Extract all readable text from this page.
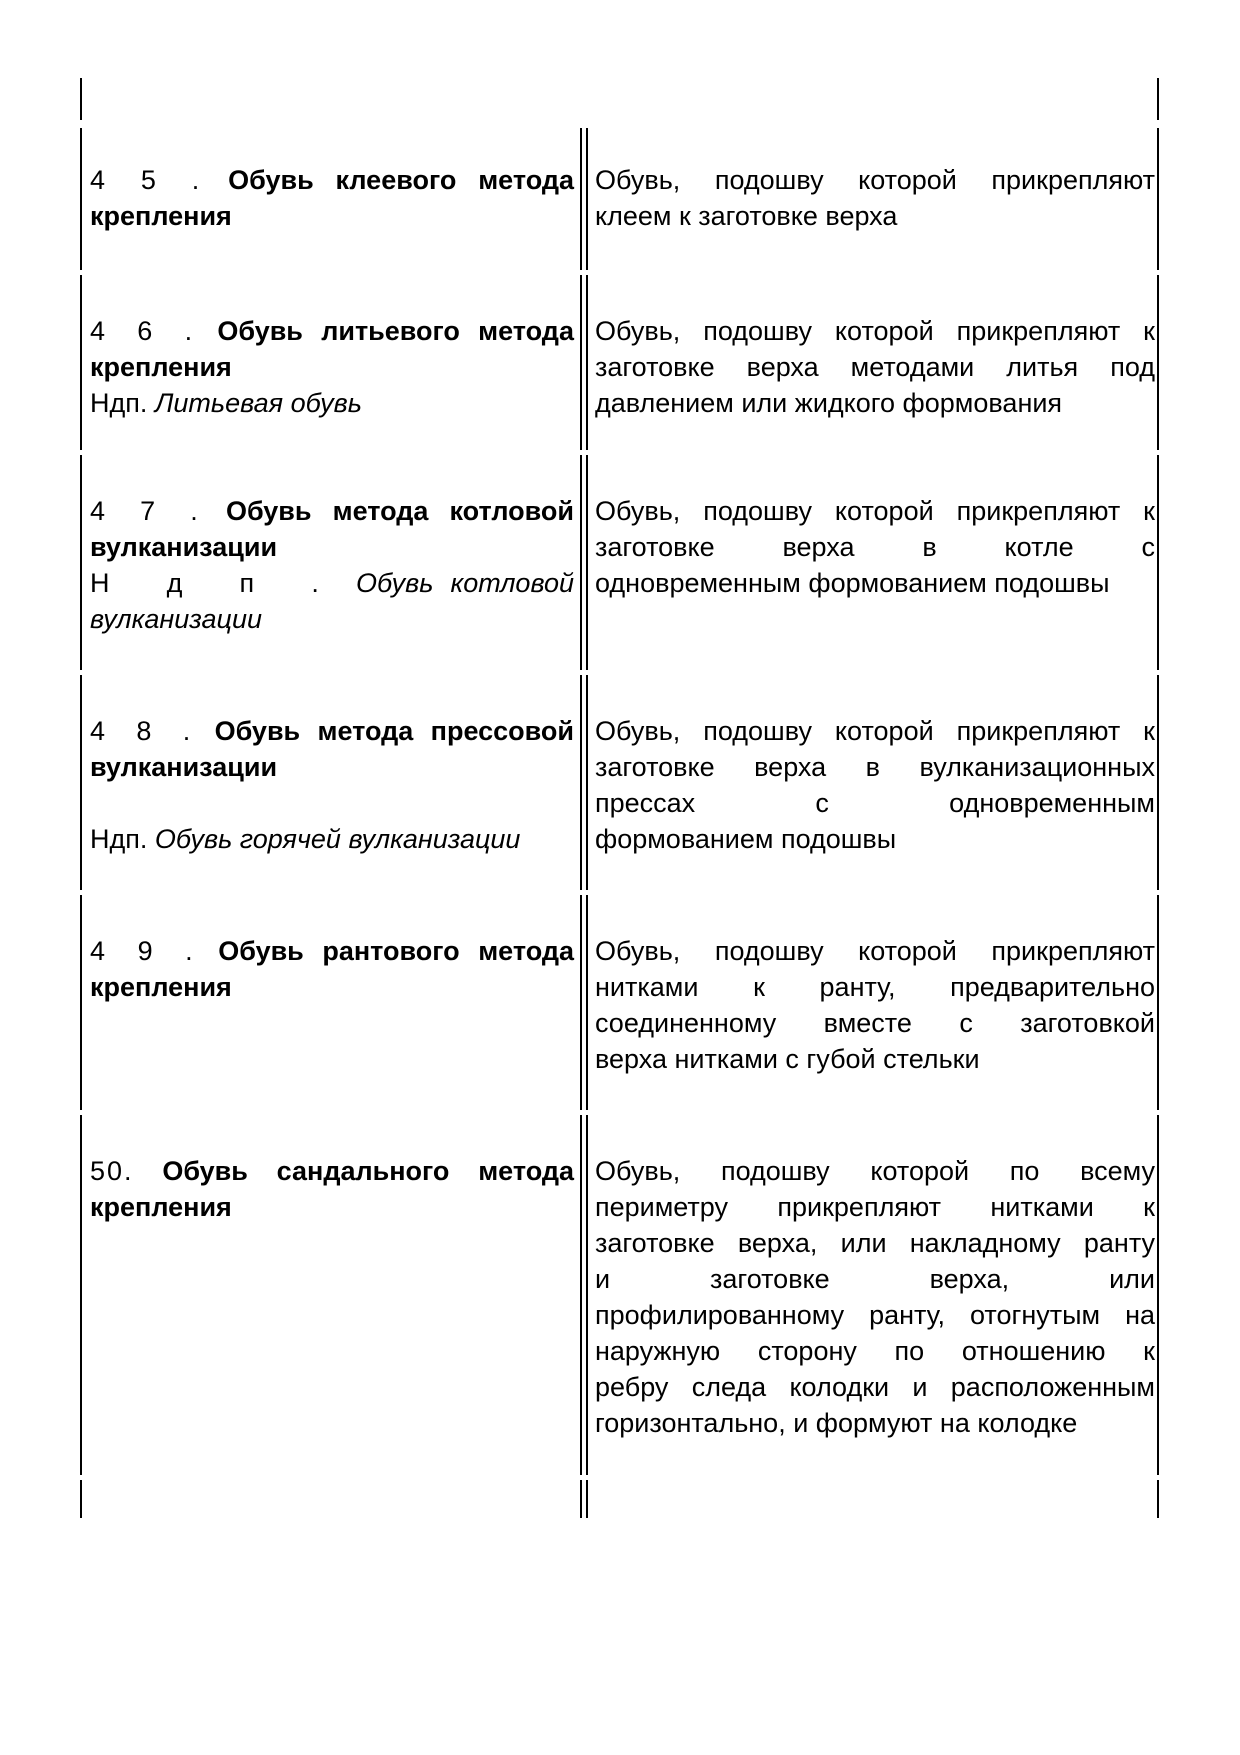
4 5 . Обувь клеевого метода

крепления

Обувь, подошву которой прикрепляют

клеем к заготовке верха

4 6 . Обувь литьевого метода

крепления

Ндп. Литьевая обувь

Обувь, подошву которой прикрепляют к

заготовке верха методами литья под

давлением или жидкого формования

4 7 . Обувь метода котловой

вулканизации

Н д п . Обувь котловой

вулканизации

Обувь, подошву которой прикрепляют к

заготовке верха в котле с

одновременным формованием подошвы

4 8 . Обувь метода прессовой

вулканизации

Ндп. Обувь горячей вулканизации

Обувь, подошву которой прикрепляют к

заготовке верха в вулканизационных

прессах с одновременным

формованием подошвы

4 9 . Обувь рантового метода

крепления

Обувь, подошву которой прикрепляют

нитками к ранту, предварительно

соединенному вместе с заготовкой

верха нитками с губой стельки

50. Обувь сандального метода

крепления

Обувь, подошву которой по всему

периметру прикрепляют нитками к

заготовке верха, или накладному ранту

и заготовке верха, или

профилированному ранту, отогнутым на

наружную сторону по отношению к

ребру следа колодки и расположенным

горизонтально, и формуют на колодке
